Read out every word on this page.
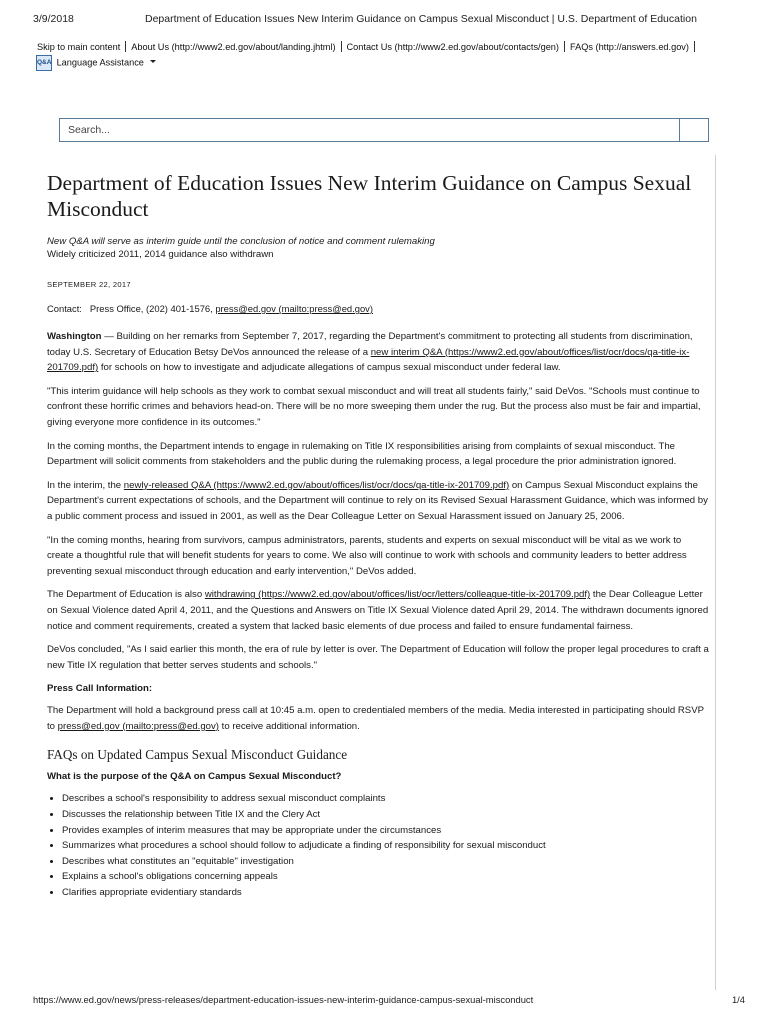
3/9/2018	Department of Education Issues New Interim Guidance on Campus Sexual Misconduct | U.S. Department of Education
Skip to main content About Us (http://www2.ed.gov/about/landing.jhtml) Contact Us (http://www2.ed.gov/about/contacts/gen) FAQs (http://answers.ed.gov)
Q&A Language Assistance
Search...
Department of Education Issues New Interim Guidance on Campus Sexual Misconduct
New Q&A will serve as interim guide until the conclusion of notice and comment rulemaking
Widely criticized 2011, 2014 guidance also withdrawn
SEPTEMBER 22, 2017
Contact: Press Office, (202) 401-1576, press@ed.gov (mailto:press@ed.gov)

Washington — Building on her remarks from September 7, 2017, regarding the Department's commitment to protecting all students from discrimination, today U.S. Secretary of Education Betsy DeVos announced the release of a new interim Q&A (https://www2.ed.gov/about/offices/list/ocr/docs/qa-title-ix-201709.pdf) for schools on how to investigate and adjudicate allegations of campus sexual misconduct under federal law.

"This interim guidance will help schools as they work to combat sexual misconduct and will treat all students fairly," said DeVos. "Schools must continue to confront these horrific crimes and behaviors head-on. There will be no more sweeping them under the rug. But the process also must be fair and impartial, giving everyone more confidence in its outcomes."

In the coming months, the Department intends to engage in rulemaking on Title IX responsibilities arising from complaints of sexual misconduct. The Department will solicit comments from stakeholders and the public during the rulemaking process, a legal procedure the prior administration ignored.

In the interim, the newly-released Q&A (https://www2.ed.gov/about/offices/list/ocr/docs/qa-title-ix-201709.pdf) on Campus Sexual Misconduct explains the Department's current expectations of schools, and the Department will continue to rely on its Revised Sexual Harassment Guidance, which was informed by a public comment process and issued in 2001, as well as the Dear Colleague Letter on Sexual Harassment issued on January 25, 2006.

"In the coming months, hearing from survivors, campus administrators, parents, students and experts on sexual misconduct will be vital as we work to create a thoughtful rule that will benefit students for years to come. We also will continue to work with schools and community leaders to better address preventing sexual misconduct through education and early intervention," DeVos added.

The Department of Education is also withdrawing (https://www2.ed.gov/about/offices/list/ocr/letters/colleague-title-ix-201709.pdf) the Dear Colleague Letter on Sexual Violence dated April 4, 2011, and the Questions and Answers on Title IX Sexual Violence dated April 29, 2014. The withdrawn documents ignored notice and comment requirements, created a system that lacked basic elements of due process and failed to ensure fundamental fairness.

DeVos concluded, "As I said earlier this month, the era of rule by letter is over. The Department of Education will follow the proper legal procedures to craft a new Title IX regulation that better serves students and schools."

Press Call Information:

The Department will hold a background press call at 10:45 a.m. open to credentialed members of the media. Media interested in participating should RSVP to press@ed.gov (mailto:press@ed.gov) to receive additional information.

FAQs on Updated Campus Sexual Misconduct Guidance
What is the purpose of the Q&A on Campus Sexual Misconduct?
• Describes a school's responsibility to address sexual misconduct complaints
• Discusses the relationship between Title IX and the Clery Act
• Provides examples of interim measures that may be appropriate under the circumstances
• Summarizes what procedures a school should follow to adjudicate a finding of responsibility for sexual misconduct
• Describes what constitutes an "equitable" investigation
• Explains a school's obligations concerning appeals
• Clarifies appropriate evidentiary standards
https://www.ed.gov/news/press-releases/department-education-issues-new-interim-guidance-campus-sexual-misconduct	1/4
